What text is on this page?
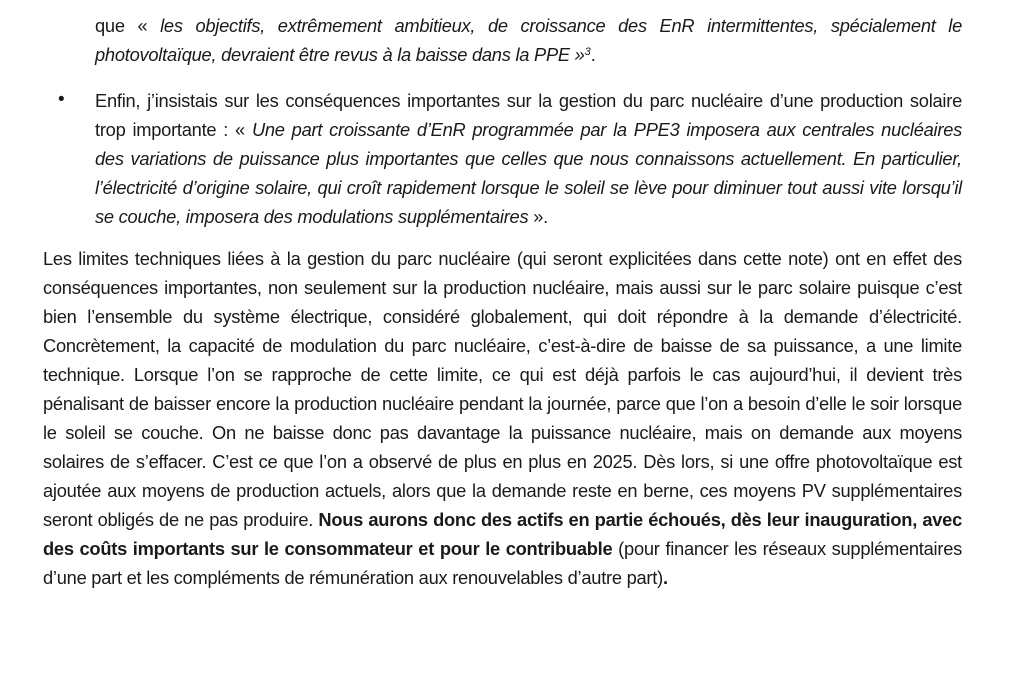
que « les objectifs, extrêmement ambitieux, de croissance des EnR intermittentes, spécialement le photovoltaïque, devraient être revus à la baisse dans la PPE »$^3$.

• Enfin, j’insistais sur les conséquences importantes sur la gestion du parc nucléaire d’une production solaire trop importante : « Une part croissante d’EnR programmée par la PPE3 imposera aux centrales nucléaires des variations de puissance plus importantes que celles que nous connaissons actuellement. En particulier, l’électricité d’origine solaire, qui croît rapidement lorsque le soleil se lève pour diminuer tout aussi vite lorsqu’il se couche, imposera des modulations supplémentaires ».

Les limites techniques liées à la gestion du parc nucléaire (qui seront explicitées dans cette note) ont en effet des conséquences importantes, non seulement sur la production nucléaire, mais aussi sur le parc solaire puisque c’est bien l’ensemble du système électrique, considéré globalement, qui doit répondre à la demande d’électricité. Concrètement, la capacité de modulation du parc nucléaire, c’est-à-dire de baisse de sa puissance, a une limite technique. Lorsque l’on se rapproche de cette limite, ce qui est déjà parfois le cas aujourd’hui, il devient très pénalisant de baisser encore la production nucléaire pendant la journée, parce que l’on a besoin d’elle le soir lorsque le soleil se couche. On ne baisse donc pas davantage la puissance nucléaire, mais on demande aux moyens solaires de s’effacer. C’est ce que l’on a observé de plus en plus en 2025. Dès lors, si une offre photovoltaïque est ajoutée aux moyens de production actuels, alors que la demande reste en berne, ces moyens PV supplémentaires seront obligés de ne pas produire. Nous aurons donc des actifs en partie échoués, dès leur inauguration, avec des coûts importants sur le consommateur et pour le contribuable (pour financer les réseaux supplémentaires d’une part et les compléments de rémunération aux renouvelables d’autre part).
